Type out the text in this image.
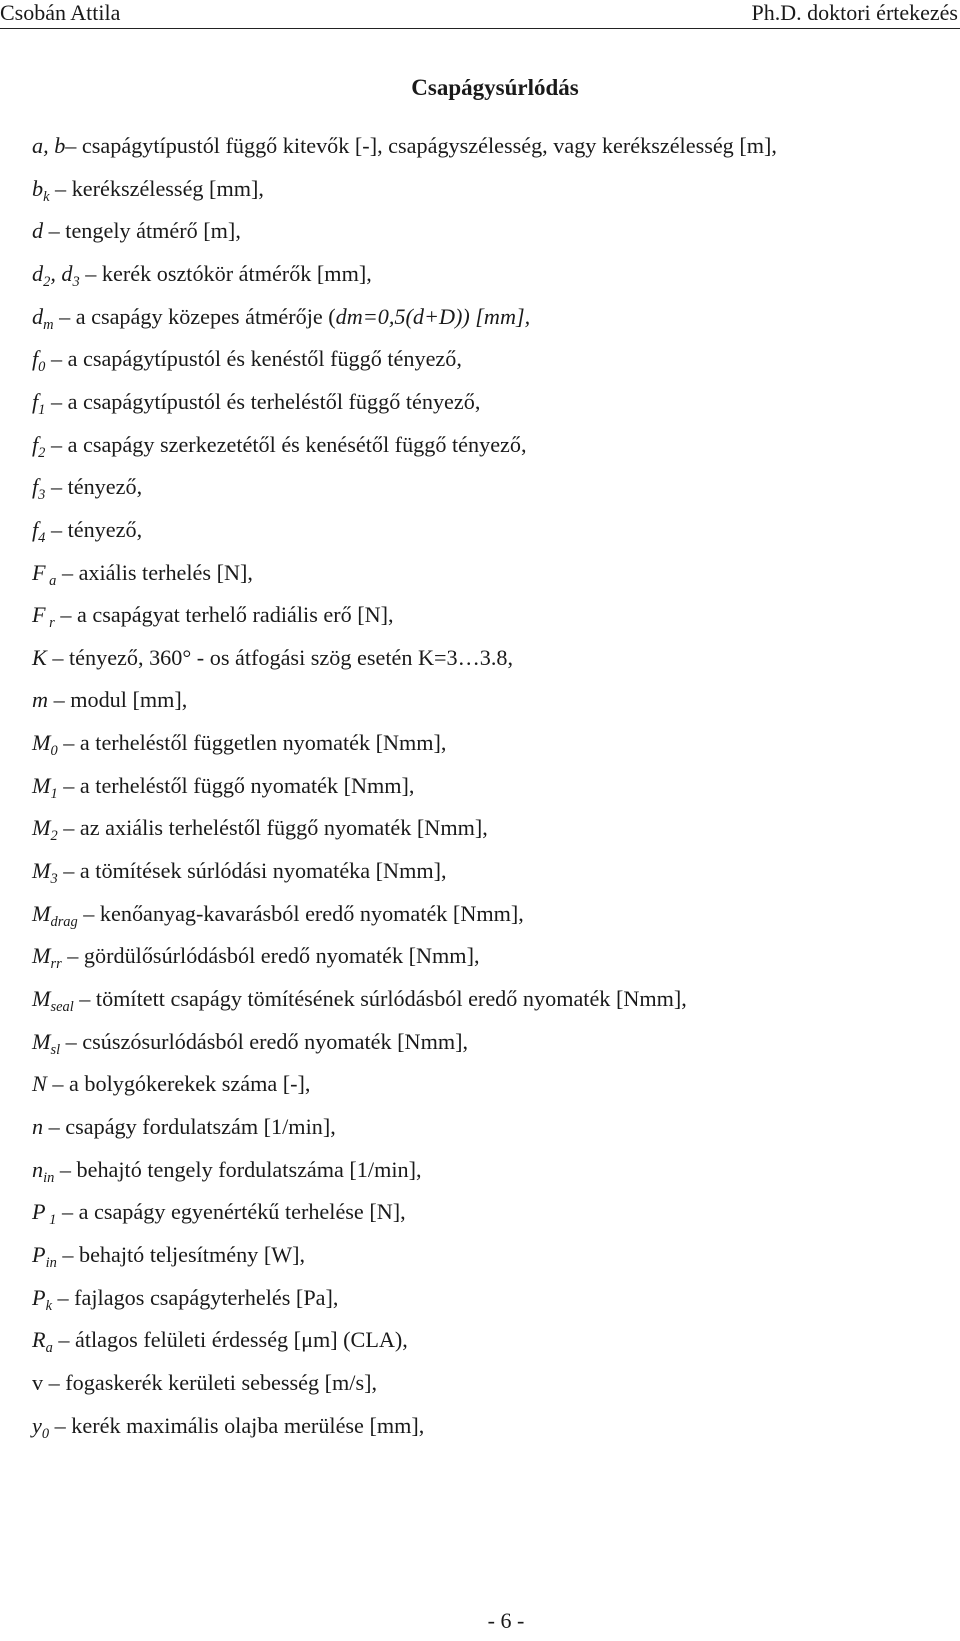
Csobán Attila	Ph.D. doktori értekezés
Csapágysúrlódás
a, b– csapágytípustól függő kitevők [-], csapágyszélesség, vagy kerékszélesség [m],
$b_k$ – kerékszélesség [mm],
d – tengely átmérő [m],
$d_2$, $d_3$ – kerék osztókör átmérők [mm],
$d_m$ – a csapágy közepes átmérője (dm=0,5(d+D)) [mm],
$f_0$ – a csapágytípustól és kenéstől függő tényező,
$f_1$ – a csapágytípustól és terheléstől függő tényező,
$f_2$ – a csapágy szerkezetétől és kenésétől függő tényező,
$f_3$ – tényező,
$f_4$ – tényező,
F $_a$ – axiális terhelés [N],
F $_r$ – a csapágyat terhelő radiális erő [N],
K – tényező, 360° - os átfogási szög esetén K=3…3.8,
m – modul [mm],
$M_0$ – a terheléstől független nyomaték [Nmm],
$M_1$ – a terheléstől függő nyomaték [Nmm],
$M_2$ – az axiális terheléstől függő nyomaték [Nmm],
$M_3$ – a tömítések súrlódási nyomatéka [Nmm],
$M_{drag}$ – kenőanyag-kavarásból eredő nyomaték [Nmm],
$M_{rr}$ – gördülősúrlódásból eredő nyomaték [Nmm],
$M_{seal}$ – tömített csapágy tömítésének súrlódásból eredő nyomaték [Nmm],
$M_{sl}$ – csúszósurlódásból eredő nyomaték [Nmm],
N – a bolygókerekek száma [-],
n – csapágy fordulatszám [1/min],
$n_{in}$ – behajtó tengely fordulatszáma [1/min],
P $_1$ – a csapágy egyenértékű terhelése [N],
$P_{in}$ – behajtó teljesítmény [W],
$P_k$ – fajlagos csapágyterhelés [Pa],
$R_a$ – átlagos felületi érdesség [μm] (CLA),
v – fogaskerék kerületi sebesség [m/s],
$y_0$ – kerék maximális olajba merülése [mm],
- 6 -
